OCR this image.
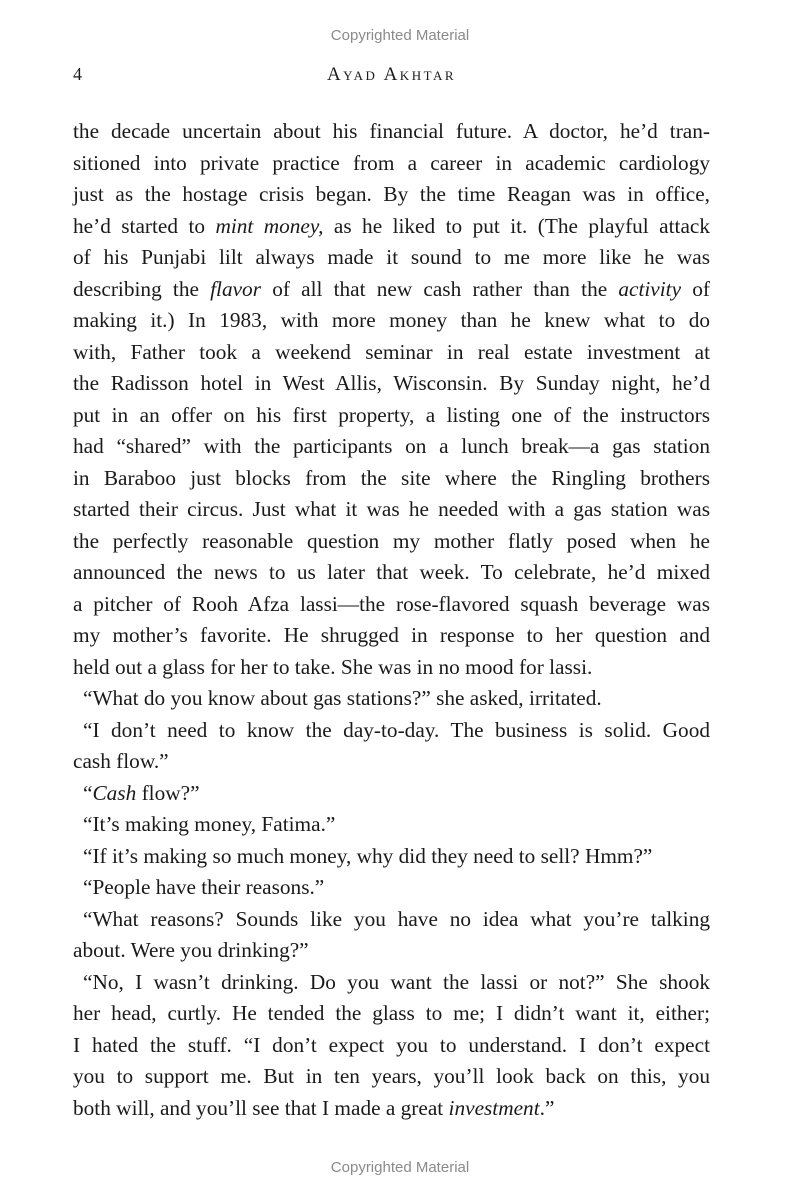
Copyrighted Material
4	Ayad Akhtar
the decade uncertain about his financial future. A doctor, he’d tran-
sitioned into private practice from a career in academic cardiology
just as the hostage crisis began. By the time Reagan was in office,
he’d started to mint money, as he liked to put it. (The playful attack
of his Punjabi lilt always made it sound to me more like he was
describing the flavor of all that new cash rather than the activity of
making it.) In 1983, with more money than he knew what to do
with, Father took a weekend seminar in real estate investment at
the Radisson hotel in West Allis, Wisconsin. By Sunday night, he’d
put in an offer on his first property, a listing one of the instructors
had “shared” with the participants on a lunch break—a gas station
in Baraboo just blocks from the site where the Ringling brothers
started their circus. Just what it was he needed with a gas station was
the perfectly reasonable question my mother flatly posed when he
announced the news to us later that week. To celebrate, he’d mixed
a pitcher of Rooh Afza lassi—the rose-flavored squash beverage was
my mother’s favorite. He shrugged in response to her question and
held out a glass for her to take. She was in no mood for lassi.
“What do you know about gas stations?” she asked, irritated.
“I don’t need to know the day-to-day. The business is solid. Good
cash flow.”
“Cash flow?”
“It’s making money, Fatima.”
“If it’s making so much money, why did they need to sell? Hmm?”
“People have their reasons.”
“What reasons? Sounds like you have no idea what you’re talking
about. Were you drinking?”
“No, I wasn’t drinking. Do you want the lassi or not?” She shook
her head, curtly. He tended the glass to me; I didn’t want it, either;
I hated the stuff. “I don’t expect you to understand. I don’t expect
you to support me. But in ten years, you’ll look back on this, you
both will, and you’ll see that I made a great investment.”
Copyrighted Material
